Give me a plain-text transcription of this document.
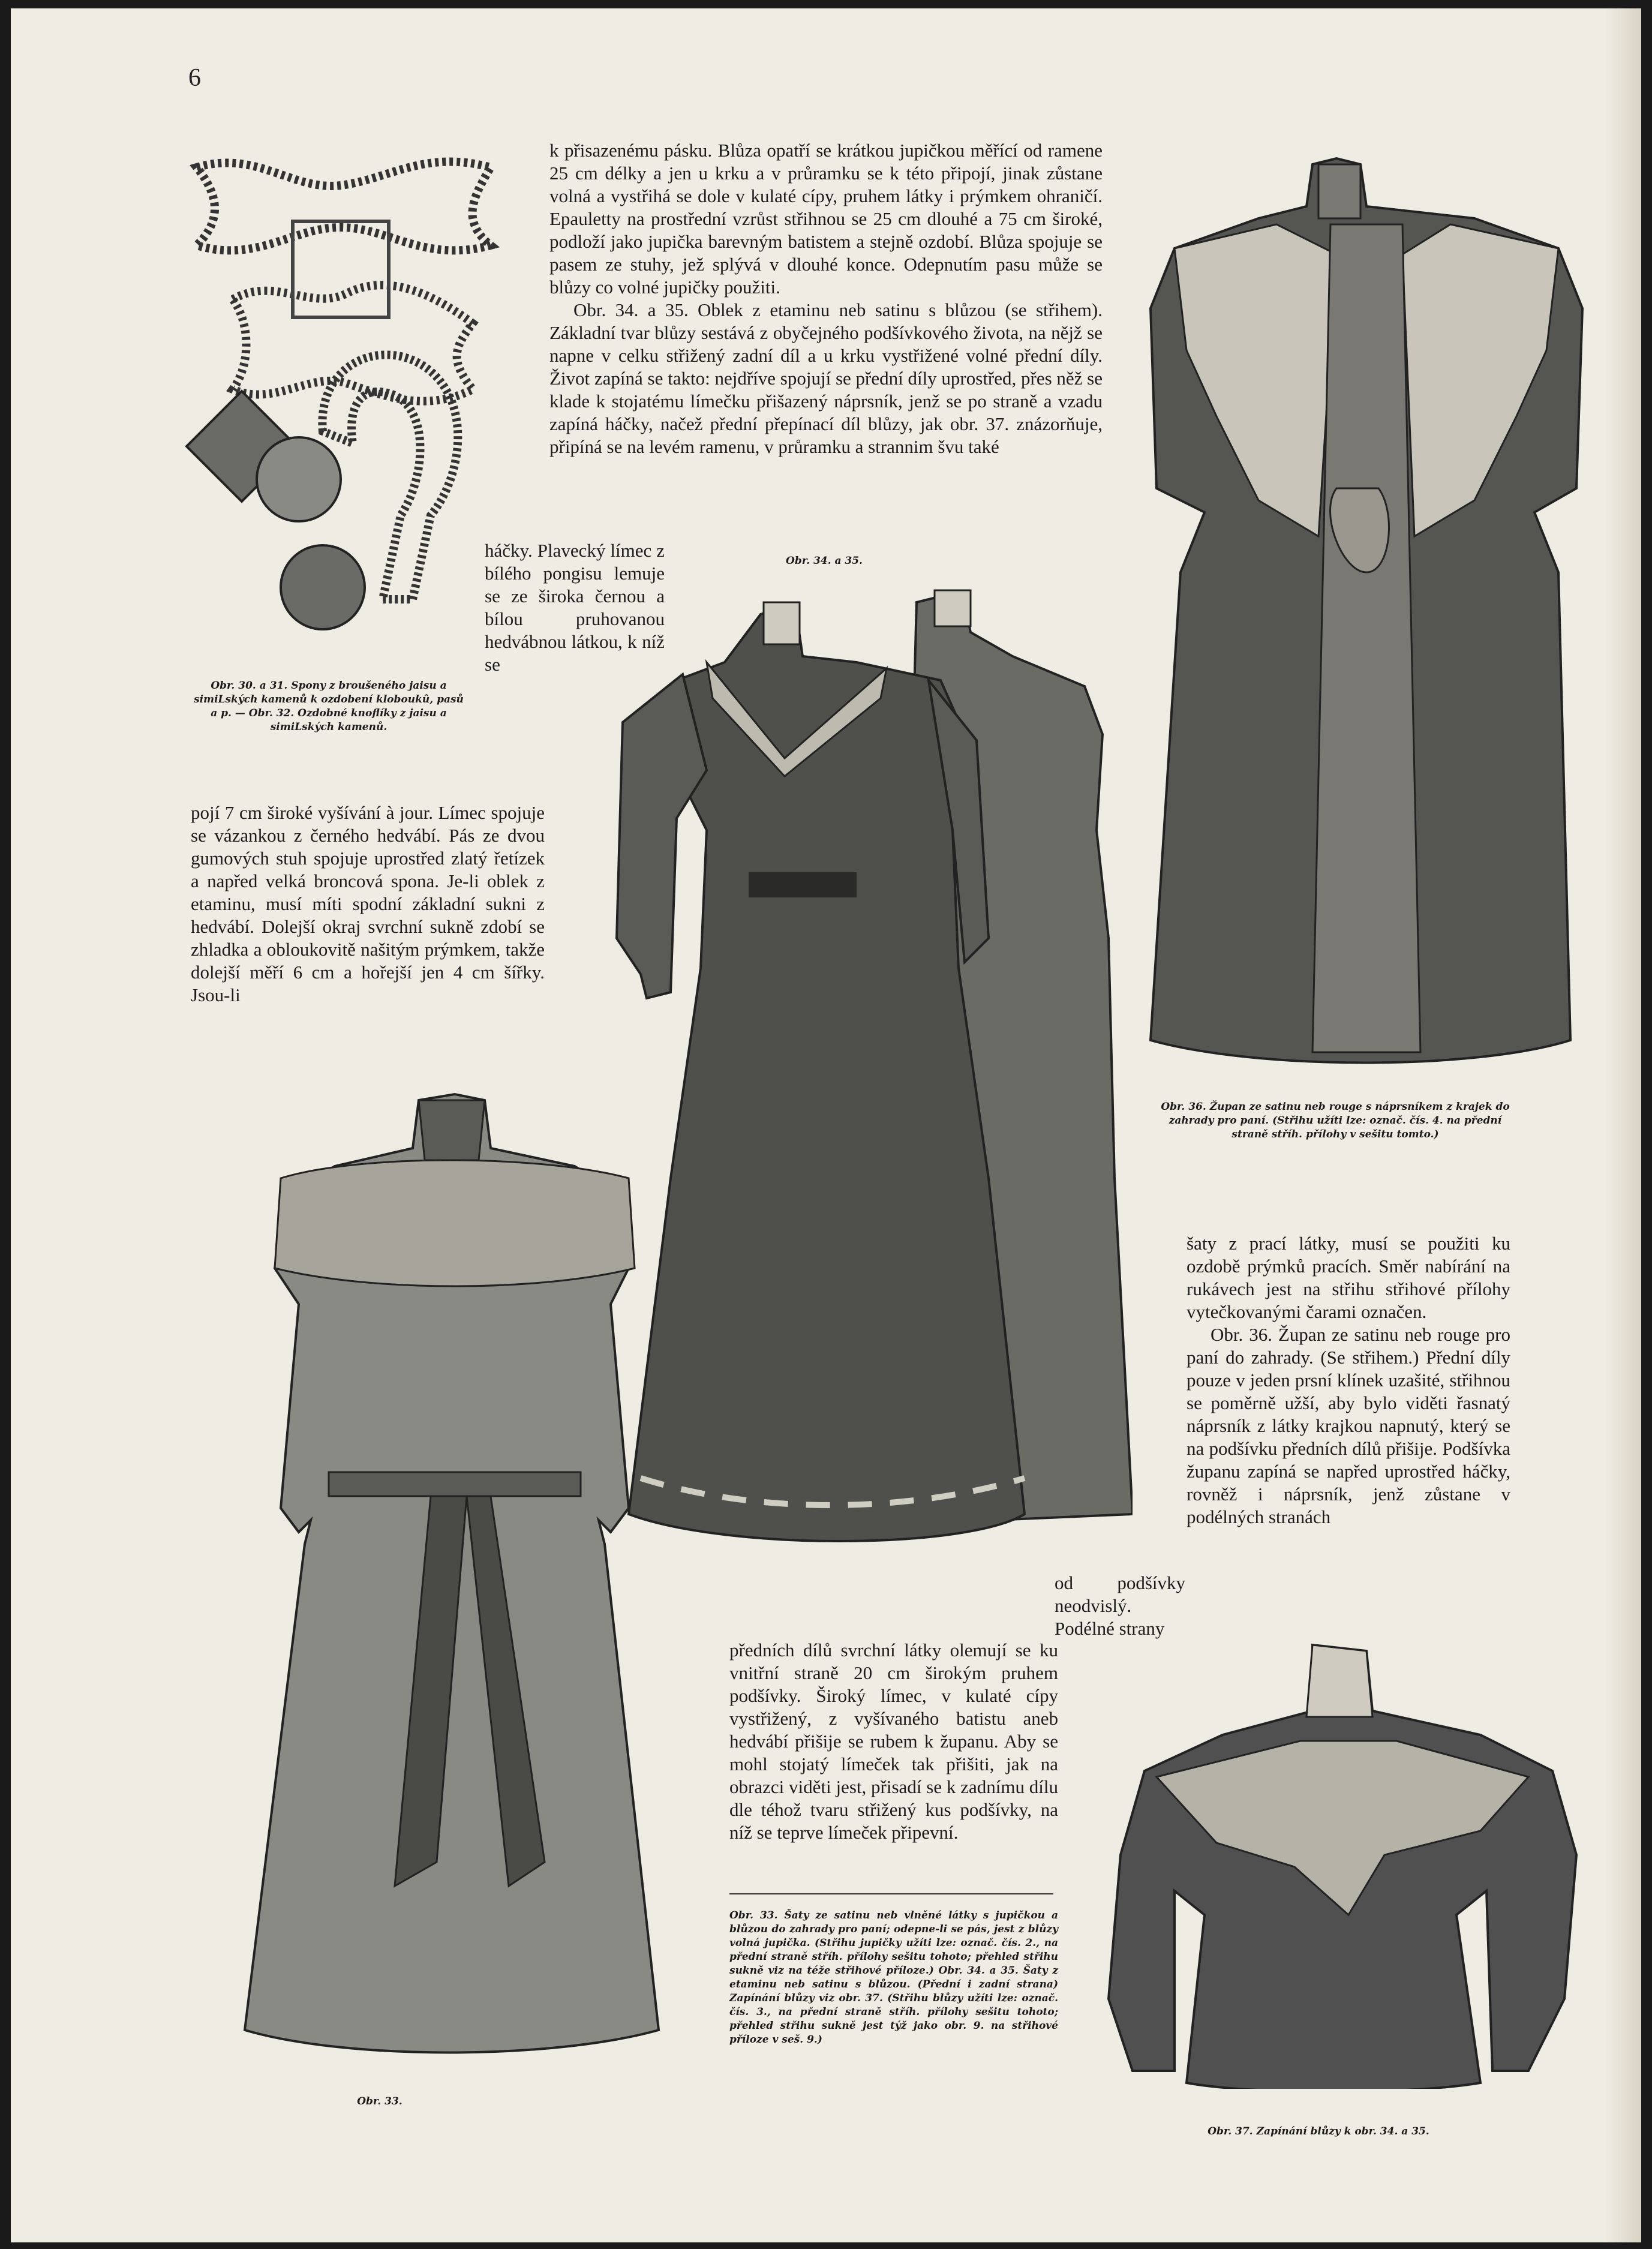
6
Obr. 30. a 31. Spony z broušeného jaisu a simiLských kamenů k ozdobení kloboukû, pasů a p. — Obr. 32. Ozdobné knoflíky z jaisu a simiLských kamenů.
k přisazenému pásku. Blůza opatří se krátkou jupičkou měřící od ramene 25 cm délky a jen u krku a v průramku se k této připojí, jinak zůstane volná a vystřihá se dole v kulaté cípy, pruhem látky i prýmkem ohraničí. Epauletty na prostřední vzrůst střihnou se 25 cm dlouhé a 75 cm široké, podloží jako jupička barevným batistem a stejně ozdobí. Blůza spojuje se pasem ze stuhy, jež splývá v dlouhé konce. Odepnutím pasu může se blůzy co volné jupičky použiti.
Obr. 34. a 35. Oblek z etaminu neb satinu s blůzou (se střihem). Základní tvar blůzy sestává z obyčejného podšívkového života, na nějž se napne v celku střižený zadní díl a u krku vystřižené volné přední díly. Život zapíná se takto: nejdříve spojují se přední díly uprostřed, přes něž se klade k stojatému límečku přišazený náprsník, jenž se po straně a vzadu zapíná háčky, načež přední přepínací díl blůzy, jak obr. 37. znázorňuje, připíná se na levém ramenu, v průramku a strannim švu také
háčky. Plavecký límec z bílého pongisu lemuje se ze široka černou a bílou pruhovanou hedvábnou látkou, k níž se
pojí 7 cm široké vyšívání à jour. Límec spojuje se vázankou z černého hedvábí. Pás ze dvou gumových stuh spojuje uprostřed zlatý řetízek a napřed velká broncová spona. Je-li oblek z etaminu, musí míti spodní základní sukni z hedvábí. Dolejší okraj svrchní sukně zdobí se zhladka a obloukovitě našitým prýmkem, takže dolejší měří 6 cm a hořejší jen 4 cm šířky. Jsou-li
Obr. 34. a 35.
Obr. 36. Župan ze satinu neb rouge s náprsníkem z krajek do zahrady pro paní. (Střihu užíti lze: označ. čís. 4. na přední straně stříh. přílohy v sešitu tomto.)
šaty z prací látky, musí se použiti ku ozdobě prýmků pracích. Směr nabírání na rukávech jest na střihu střihové přílohy vytečkovanými čarami označen.
Obr. 36. Župan ze satinu neb rouge pro paní do zahrady. (Se střihem.) Přední díly pouze v jeden prsní klínek uzašité, střihnou se poměrně užší, aby bylo viděti řasnatý náprsník z látky krajkou napnutý, který se na podšívku předních dílů přišije. Podšívka županu zapíná se napřed uprostřed háčky, rovněž i náprsník, jenž zůstane v podélných stranách
od podšívky neodvislý. Podélné strany
předních dílů svrchní látky olemují se ku vnitřní straně 20 cm širokým pruhem podšívky. Široký límec, v kulaté cípy vystřižený, z vyšívaného batistu aneb hedvábí přišije se rubem k županu. Aby se mohl stojatý límeček tak přišiti, jak na obrazci viděti jest, přisadí se k zadnímu dílu dle téhož tvaru střižený kus podšívky, na níž se teprve límeček připevní.
Obr. 33. Šaty ze satinu neb vlněné látky s jupičkou a blůzou do zahrady pro paní; odepne-li se pás, jest z blůzy volná jupička. (Střihu jupičky užíti lze: označ. čís. 2., na přední straně stříh. přílohy sešitu tohoto; přehled střihu sukně viz na téže střihové příloze.) Obr. 34. a 35. Šaty z etaminu neb satinu s blůzou. (Přední i zadní strana) Zapínání blůzy viz obr. 37. (Střihu blůzy užíti lze: označ. čís. 3., na přední straně stříh. přílohy sešitu tohoto; přehled střihu sukně jest týž jako obr. 9. na střihové příloze v seš. 9.)
Obr. 33.
Obr. 37. Zapínání blůzy k obr. 34. a 35.
